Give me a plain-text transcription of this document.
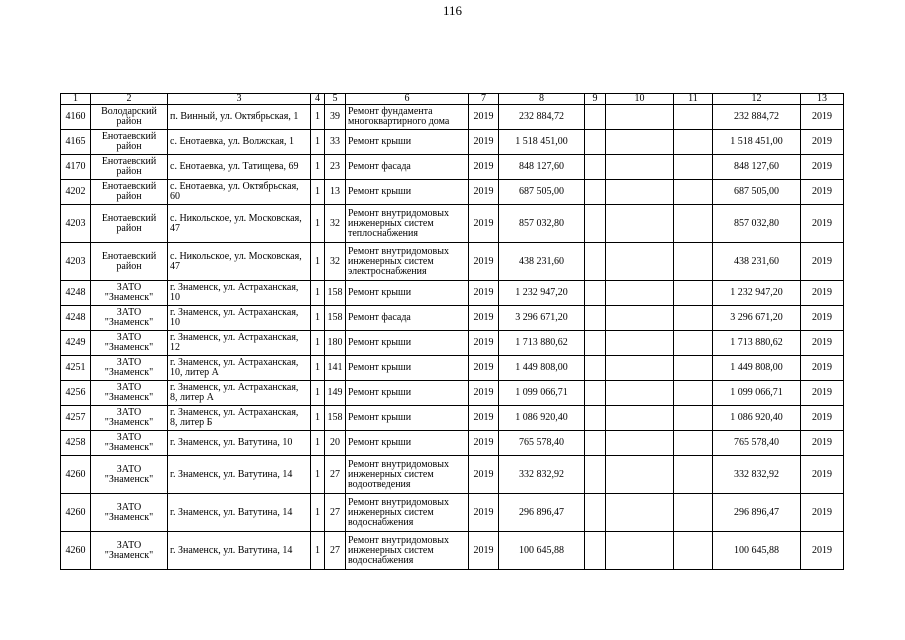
116
1	2	3	4	5	6	7	8	9	10	11	12	13
4160	Володарский район	п. Винный, ул. Октябрьская, 1	1	39	Ремонт фундамента многоквартирного дома	2019	232 884,72				232 884,72	2019
4165	Енотаевский район	с. Енотаевка, ул. Волжская, 1	1	33	Ремонт крыши	2019	1 518 451,00				1 518 451,00	2019
4170	Енотаевский район	с. Енотаевка, ул. Татищева, 69	1	23	Ремонт фасада	2019	848 127,60				848 127,60	2019
4202	Енотаевский район	с. Енотаевка, ул. Октябрьская, 60	1	13	Ремонт крыши	2019	687 505,00				687 505,00	2019
4203	Енотаевский район	с. Никольское, ул. Московская, 47	1	32	Ремонт внутридомовых инженерных систем теплоснабжения	2019	857 032,80				857 032,80	2019
4203	Енотаевский район	с. Никольское, ул. Московская, 47	1	32	Ремонт внутридомовых инженерных систем электроснабжения	2019	438 231,60				438 231,60	2019
4248	ЗАТО "Знаменск"	г. Знаменск, ул. Астраханская, 10	1	158	Ремонт крыши	2019	1 232 947,20				1 232 947,20	2019
4248	ЗАТО "Знаменск"	г. Знаменск, ул. Астраханская, 10	1	158	Ремонт фасада	2019	3 296 671,20				3 296 671,20	2019
4249	ЗАТО "Знаменск"	г. Знаменск, ул. Астраханская, 12	1	180	Ремонт крыши	2019	1 713 880,62				1 713 880,62	2019
4251	ЗАТО "Знаменск"	г. Знаменск, ул. Астраханская, 10, литер А	1	141	Ремонт крыши	2019	1 449 808,00				1 449 808,00	2019
4256	ЗАТО "Знаменск"	г. Знаменск, ул. Астраханская, 8, литер А	1	149	Ремонт крыши	2019	1 099 066,71				1 099 066,71	2019
4257	ЗАТО "Знаменск"	г. Знаменск, ул. Астраханская, 8, литер Б	1	158	Ремонт крыши	2019	1 086 920,40				1 086 920,40	2019
4258	ЗАТО "Знаменск"	г. Знаменск, ул. Ватутина, 10	1	20	Ремонт крыши	2019	765 578,40				765 578,40	2019
4260	ЗАТО "Знаменск"	г. Знаменск, ул. Ватутина, 14	1	27	Ремонт внутридомовых инженерных систем водоотведения	2019	332 832,92				332 832,92	2019
4260	ЗАТО "Знаменск"	г. Знаменск, ул. Ватутина, 14	1	27	Ремонт внутридомовых инженерных систем водоснабжения	2019	296 896,47				296 896,47	2019
4260	ЗАТО "Знаменск"	г. Знаменск, ул. Ватутина, 14	1	27	Ремонт внутридомовых инженерных систем водоснабжения	2019	100 645,88				100 645,88	2019
